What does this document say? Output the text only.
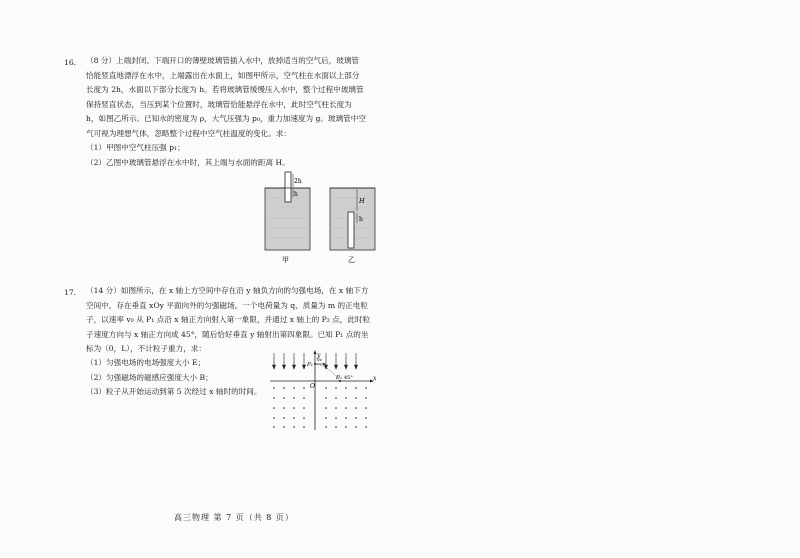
16. （8 分）上端封闭、下端开口的薄壁玻璃管插入水中，放掉适当的空气后，玻璃管
恰能竖直地漂浮在水中，上端露出在水面上，如图甲所示，空气柱在水面以上部分
长度为 2h，水面以下部分长度为 h。若将玻璃管缓慢压入水中，整个过程中玻璃管
保持竖直状态，当压到某个位置时，玻璃管恰能悬浮在水中，此时空气柱长度为
h，如图乙所示。已知水的密度为 ρ，大气压强为 p₀，重力加速度为 g。玻璃管中空
气可视为理想气体，忽略整个过程中空气柱温度的变化。求：
（1）甲图中空气柱压强 p₁；
（2）乙图中玻璃管悬浮在水中时，其上端与水面的距离 H。
2h
h
甲
H
h
乙
17. （14 分）如图所示，在 x 轴上方空间中存在沿 y 轴负方向的匀强电场，在 x 轴下方
空间中，存在垂直 xOy 平面向外的匀强磁场。一个电荷量为 q、质量为 m 的正电粒
子，以速率 v₀ 从 P₁ 点沿 x 轴正方向射入第一象限，并通过 x 轴上的 P₂ 点，此时粒
子速度方向与 x 轴正方向成 45°，随后恰好垂直 y 轴射出第四象限。已知 P₁ 点的坐
标为（0，L），不计粒子重力，求：
（1）匀强电场的电场强度大小 E；
（2）匀强磁场的磁感应强度大小 B；
（3）粒子从开始运动到第 5 次经过 x 轴时的时间。
x
y
O
P₁
v₀
P₂ 45°
高三物理 第 7 页（共 8 页）
